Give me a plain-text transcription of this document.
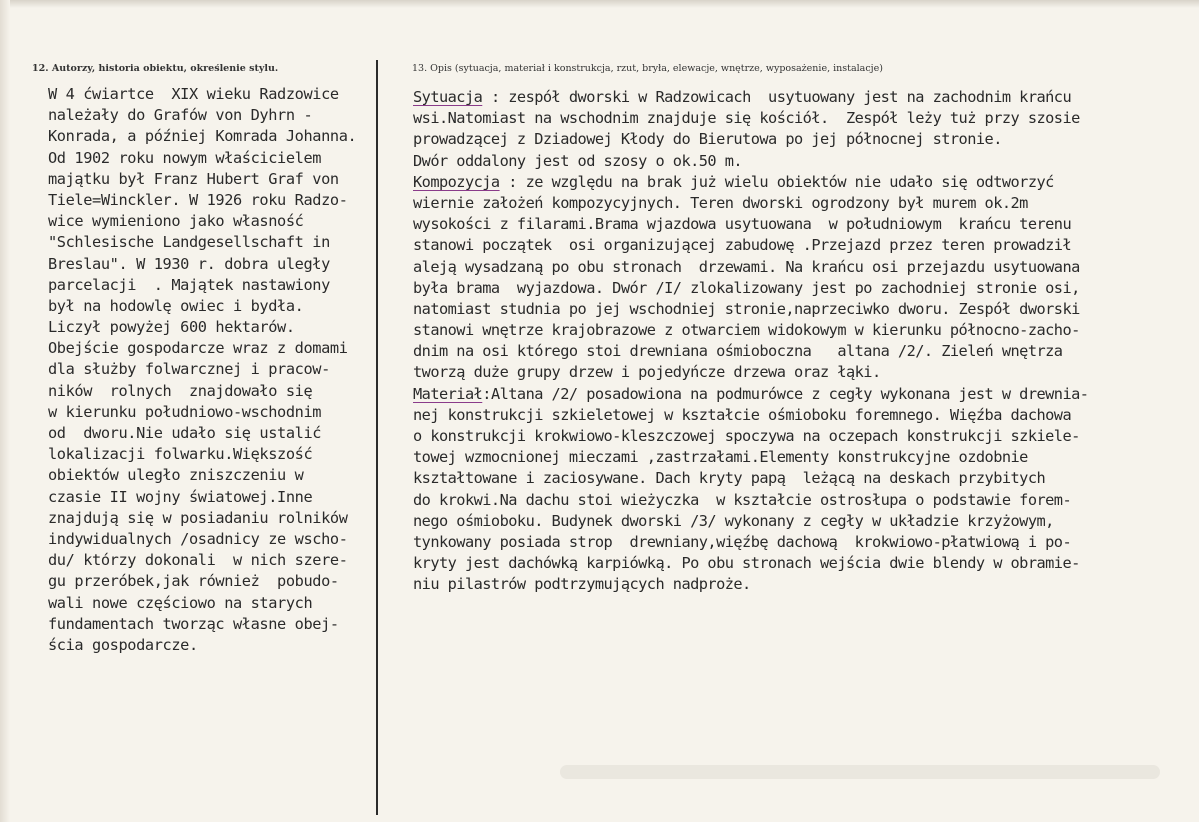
12. Autorzy, historia obiektu, określenie stylu.	13. Opis (sytuacja, materiał i konstrukcja, rzut, bryła, elewacje, wnętrze, wyposażenie, instalacje)
W 4 ćwiartce  XIX wieku Radzowice
należały do Grafów von Dyhrn -
Konrada, a później Komrada Johanna.
Od 1902 roku nowym właścicielem
majątku był Franz Hubert Graf von
Tiele=Winckler. W 1926 roku Radzo-
wice wymieniono jako własność
"Schlesische Landgesellschaft in
Breslau". W 1930 r. dobra uległy
parcelacji  . Majątek nastawiony
był na hodowlę owiec i bydła.
Liczył powyżej 600 hektarów.
Obejście gospodarcze wraz z domami
dla służby folwarcznej i pracow-
ników  rolnych  znajdowało się
w kierunku południowo-wschodnim
od  dworu.Nie udało się ustalić
lokalizacji folwarku.Większość
obiektów uległo zniszczeniu w
czasie II wojny światowej.Inne
znajdują się w posiadaniu rolników
indywidualnych /osadnicy ze wscho-
du/ którzy dokonali  w nich szere-
gu przeróbek,jak również  pobudo-
wali nowe częściowo na starych
fundamentach tworząc własne obej-
ścia gospodarcze.
Sytuacja : zespół dworski w Radzowicach  usytuowany jest na zachodnim krańcu
wsi.Natomiast na wschodnim znajduje się kościół.  Zespół leży tuż przy szosie
prowadzącej z Dziadowej Kłody do Bierutowa po jej północnej stronie.
Dwór oddalony jest od szosy o ok.50 m.
Kompozycja : ze względu na brak już wielu obiektów nie udało się odtworzyć
wiernie założeń kompozycyjnych. Teren dworski ogrodzony był murem ok.2m
wysokości z filarami.Brama wjazdowa usytuowana  w południowym  krańcu terenu
stanowi początek  osi organizującej zabudowę .Przejazd przez teren prowadził
aleją wysadzaną po obu stronach  drzewami. Na krańcu osi przejazdu usytuowana
była brama  wyjazdowa. Dwór /I/ zlokalizowany jest po zachodniej stronie osi,
natomiast studnia po jej wschodniej stronie,naprzeciwko dworu. Zespół dworski
stanowi wnętrze krajobrazowe z otwarciem widokowym w kierunku północno-zacho-
dnim na osi którego stoi drewniana ośmioboczna   altana /2/. Zieleń wnętrza
tworzą duże grupy drzew i pojedyńcze drzewa oraz łąki.
Materiał:Altana /2/ posadowiona na podmurówce z cegły wykonana jest w drewnia-
nej konstrukcji szkieletowej w kształcie ośmioboku foremnego. Więźba dachowa
o konstrukcji krokwiowo-kleszczowej spoczywa na oczepach konstrukcji szkiele-
towej wzmocnionej mieczami ,zastrzałami.Elementy konstrukcyjne ozdobnie
kształtowane i zaciosywane. Dach kryty papą  leżącą na deskach przybitych
do krokwi.Na dachu stoi wieżyczka  w kształcie ostrosłupa o podstawie forem-
nego ośmioboku. Budynek dworski /3/ wykonany z cegły w układzie krzyżowym,
tynkowany posiada strop  drewniany,więźbę dachową  krokwiowo-płatwiową i po-
kryty jest dachówką karpiówką. Po obu stronach wejścia dwie blendy w obramie-
niu pilastrów podtrzymujących nadproże.
